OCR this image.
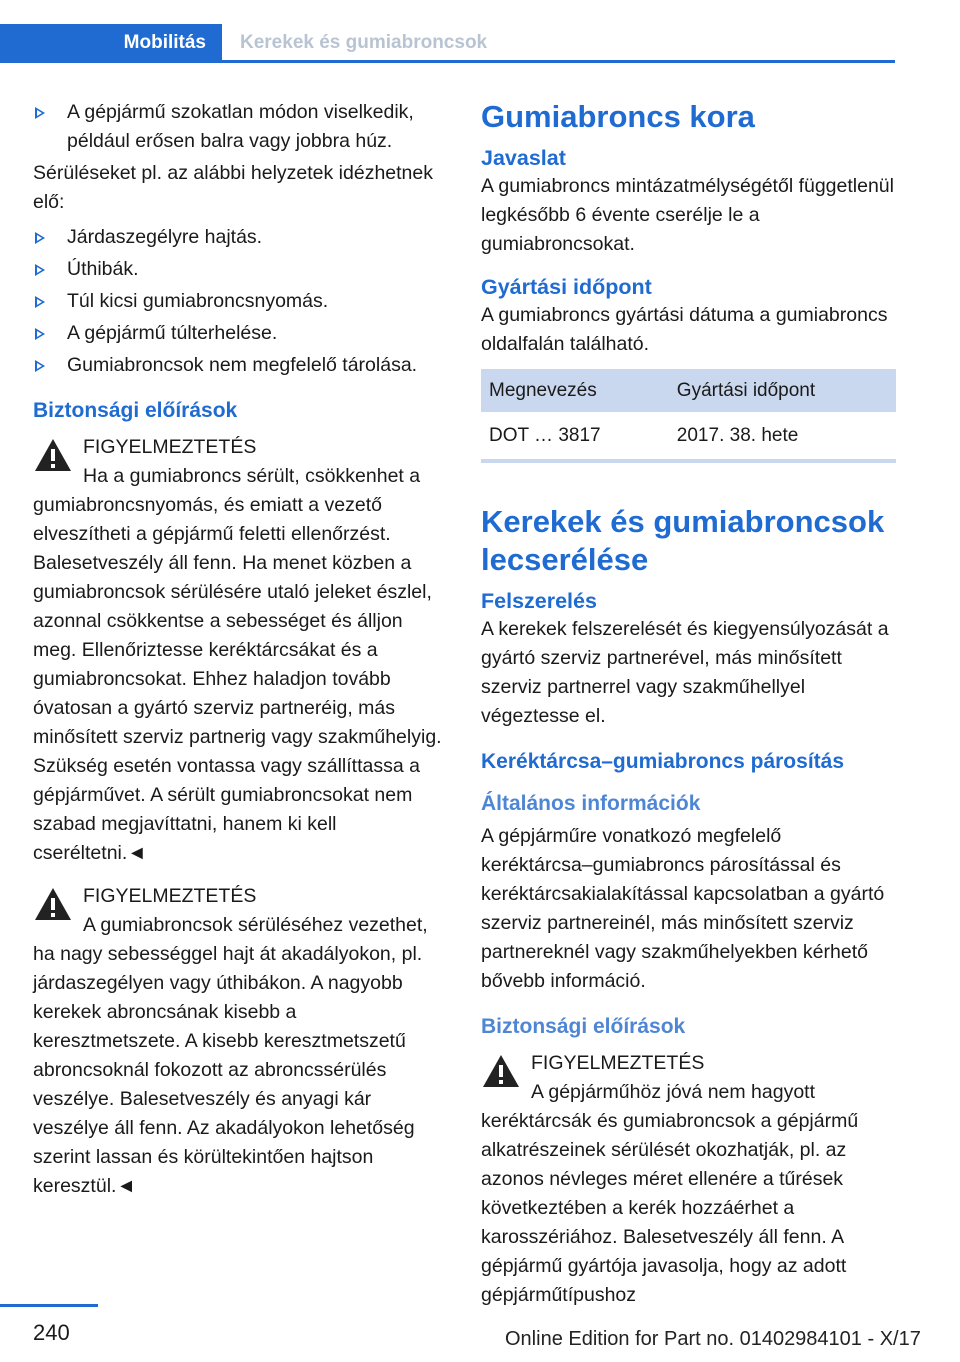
Mobilitás	Kerekek és gumiabroncsok
A gépjármű szokatlan módon viselkedik, például erősen balra vagy jobbra húz.

Sérüléseket pl. az alábbi helyzetek idézhetnek elő:

Járdaszegélyre hajtás.
Úthibák.
Túl kicsi gumiabroncsnyomás.
A gépjármű túlterhelése.
Gumiabroncsok nem megfelelő tárolása.
Biztonsági előírások
FIGYELMEZTETÉS
Ha a gumiabroncs sérült, csökkenhet a gumiabroncsnyomás, és emiatt a vezető elveszítheti a gépjármű feletti ellenőrzést. Balesetveszély áll fenn. Ha menet közben a gumiabroncsok sérülésére utaló jeleket észlel, azonnal csökkentse a sebességet és álljon meg. Ellenőriztesse keréktárcsákat és a gumiabroncsokat. Ehhez haladjon tovább óvatosan a gyártó szerviz partneréig, más minősített szerviz partnerig vagy szakműhelyig. Szükség esetén vontassa vagy szállíttassa a gépjárművet. A sérült gumiabroncsokat nem szabad megjavíttatni, hanem ki kell cseréltetni.◄
FIGYELMEZTETÉS
A gumiabroncsok sérüléséhez vezethet, ha nagy sebességgel hajt át akadályokon, pl. járdaszegélyen vagy úthibákon. A nagyobb kerekek abroncsának kisebb a keresztmetszete. A kisebb keresztmetszetű abroncsoknál fokozott az abroncssérülés veszélye. Balesetveszély és anyagi kár veszélye áll fenn. Az akadályokon lehetőség szerint lassan és körültekintően hajtson keresztül.◄
Gumiabroncs kora
Javaslat

A gumiabroncs mintázatmélységétől függetlenül legkésőbb 6 évente cserélje le a gumiabroncsokat.

Gyártási időpont

A gumiabroncs gyártási dátuma a gumiabroncs oldalfalán található.

Megnevezés	Gyártási időpont
DOT … 3817	2017. 38. hete

Kerekek és gumiabroncsok lecserélése
Felszerelés

A kerekek felszerelését és kiegyensúlyozását a gyártó szerviz partnerével, más minősített szerviz partnerrel vagy szakműhellyel végeztesse el.

Keréktárcsa–gumiabroncs párosítás
Általános információk

A gépjárműre vonatkozó megfelelő keréktárcsa–gumiabroncs párosítással és keréktárcsakialakítással kapcsolatban a gyártó szerviz partnereinél, más minősített szerviz partnereknél vagy szakműhelyekben kérhető bővebb információ.

Biztonsági előírások
FIGYELMEZTETÉS
A gépjárműhöz jóvá nem hagyott keréktárcsák és gumiabroncsok a gépjármű alkatrészeinek sérülését okozhatják, pl. az azonos névleges méret ellenére a tűrések következtében a kerék hozzáérhet a karosszériához. Balesetveszély áll fenn. A gépjármű gyártója javasolja, hogy az adott gépjárműtípushoz
240	Online Edition for Part no. 01402984101 - X/17
